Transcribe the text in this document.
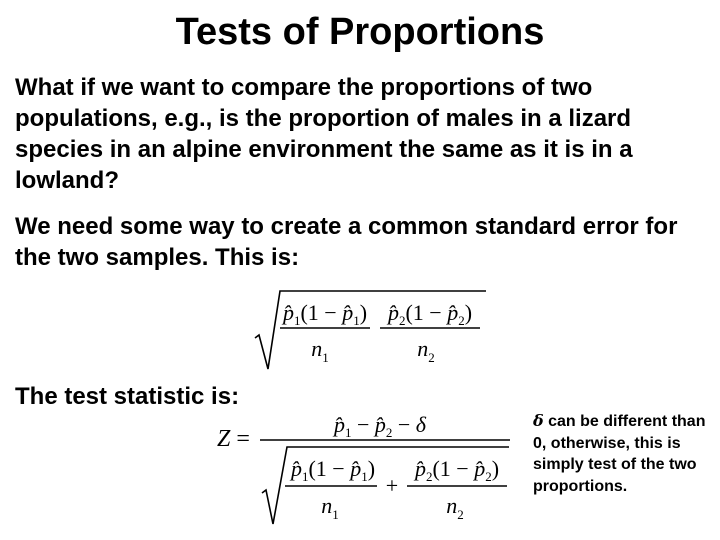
Tests of Proportions
What if we want to compare the proportions of two populations, e.g., is the proportion of males in a lizard species in an alpine environment the same as it is in a lowland?
We need some way to create a common standard error for the two samples. This is:
$p̂_1(1$ − $p̂_1$)
$n_1$
$p̂_2(1$ − $p̂_2$)
$n_2$
The test statistic is:
Z =
$p̂_1$ − $p̂_2 - \delta$
$p̂_1(1$ − $p̂_1$)
$n_1$
+
$p̂_2(1$ − $p̂_2$)
$n_2$
δ can be different than 0, otherwise, this is simply test of the two proportions.
